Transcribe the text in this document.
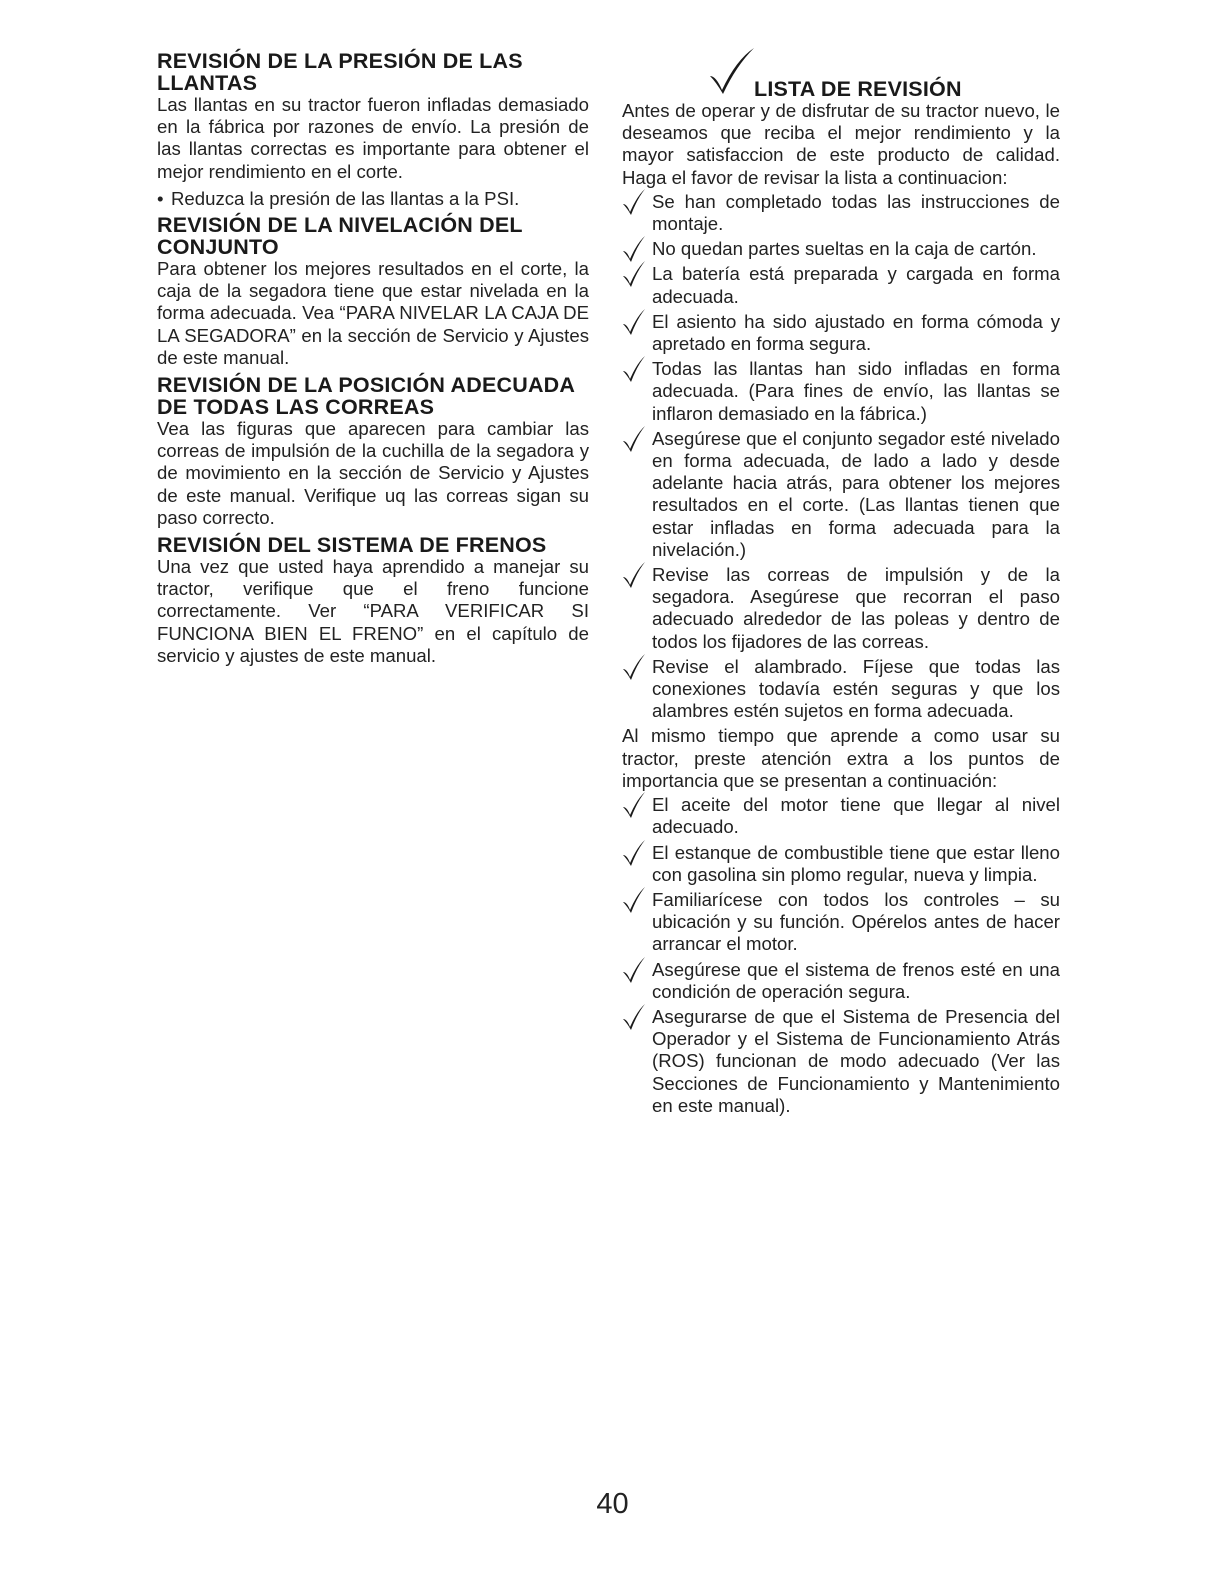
REVISIÓN DE LA PRESIÓN DE LAS LLANTAS

Las llantas en su tractor fueron infladas demasiado en la fábrica por razones de envío. La presión de las llantas correctas es importante para obtener el mejor rendimiento en el corte.

• Reduzca la presión de las llantas a la PSI.
REVISIÓN DE LA NIVELACIÓN DEL CONJUNTO

Para obtener los mejores resultados en el corte, la caja de la segadora tiene que estar nivelada en la forma adecuada. Vea “PARA NIVELAR LA CAJA DE LA SEGADORA” en la sección de Servicio y Ajustes de este manual.

REVISIÓN DE LA POSICIÓN ADECUADA DE TODAS LAS CORREAS

Vea las figuras que aparecen para cambiar las correas de impulsión de la cuchilla de la segadora y de movimiento en la sección de Servicio y Ajustes de este manual. Verifique uq las correas sigan su paso correcto.

REVISIÓN DEL SISTEMA DE FRENOS

Una vez que usted haya aprendido a manejar su tractor, verifique que el freno funcione correctamente. Ver “PARA VERIFICAR SI FUNCIONA BIEN EL FRENO” en el capítulo de servicio y ajustes de este manual.

LISTA DE REVISIÓN

Antes de operar y de disfrutar de su tractor nuevo, le deseamos que reciba el mejor rendimiento y la mayor satisfaccion de este producto de calidad. Haga el favor de revisar la lista a continuacion:

Se han completado todas las instrucciones de montaje.
No quedan partes sueltas en la caja de cartón.
La batería está preparada y cargada en forma adecuada.
El asiento ha sido ajustado en forma cómoda y apretado en forma segura.
Todas las llantas han sido infladas en forma adecuada. (Para fines de envío, las llantas se inflaron demasiado en la fábrica.)
Asegúrese que el conjunto segador esté nivelado en forma adecuada, de lado a lado y desde adelante hacia atrás, para obtener los mejores resultados en el corte. (Las llantas tienen que estar infladas en forma adecuada para la nivelación.)
Revise las correas de impulsión y de la segadora. Asegúrese que recorran el paso adecuado alrededor de las poleas y dentro de todos los fijadores de las correas.
Revise el alambrado. Fíjese que todas las conexiones todavía estén seguras y que los alambres estén sujetos en forma adecuada.

Al mismo tiempo que aprende a como usar su tractor, preste atención extra a los puntos de importancia que se presentan a continuación:

El aceite del motor tiene que llegar al nivel adecuado.
El estanque de combustible tiene que estar lleno con gasolina sin plomo regular, nueva y limpia.
Familiarícese con todos los controles – su ubicación y su función. Opérelos antes de hacer arrancar el motor.
Asegúrese que el sistema de frenos esté en una condición de operación segura.
Asegurarse de que el Sistema de Presencia del Operador y el Sistema de Funcionamiento Atrás (ROS) funcionan de modo adecuado (Ver las Secciones de Funcionamiento y Mantenimiento en este manual).
40
